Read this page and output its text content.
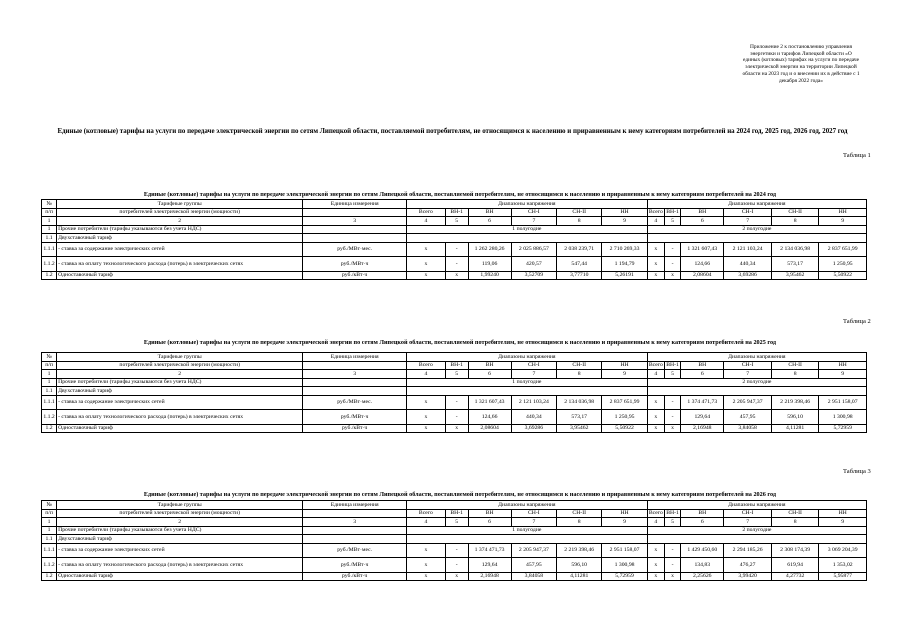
Приложение 2 к постановлению управления энергетики и тарифов Липецкой области «О единых (котловых) тарифах на услуги по передаче электрической энергии на территории Липецкой области на 2023 год и о внесении их в действие с 1 декабря 2022 года»
Единые (котловые) тарифы на услуги по передаче электрической энергии по сетям Липецкой области, поставляемой потребителям, не относящимся к населению и приравненным к нему категориям потребителей на 2024 год, 2025 год, 2026 год, 2027 год
Таблица 1
Единые (котловые) тарифы на услуги по передаче электрической энергии по сетям Липецкой области, поставляемой потребителям, не относящимся к населению и приравненным к нему категориям потребителей на 2024 год
№	Тарифные группы	Единица измерения	Диапазоны напряжения						Диапазоны напряжения					
п/п	потребителей электрической энергии (мощности)		Всего	ВН-1	ВН	СН-I	СН-II	НН	Всего	ВН-1	ВН	СН-I	СН-II	НН
1	2	3	4	5	6	7	8	9	4	5	6	7	8	9
1	Прочие потребители (тарифы указываются без учета НДС)		1 полугодие						2 полугодие					
1.1	Двухставочный тариф													
1.1.1	- ставка за содержание электрических сетей	руб./МВт·мес.	х	-	1 262 280,26	2 025 886,57	2 038 239,71	2 710 269,33	х	-	1 321 607,43	2 121 103,24	2 134 036,98	2 837 651,99
1.1.2	- ставка на оплату технологического расхода (потерь) в электрических сетях	руб./МВт·ч	х	-	119,06	420,57	547,44	1 194,79	х	-	124,66	440,34	573,17	1 250,95
1.2	Одноставочный тариф	руб./кВт·ч	х	х	1,99240	3,52709	3,77710	5,26191	х	х	2,08604	3,69286	3,95462	5,50922
Таблица 2
Единые (котловые) тарифы на услуги по передаче электрической энергии по сетям Липецкой области, поставляемой потребителям, не относящимся к населению и приравненным к нему категориям потребителей на 2025 год
№	Тарифные группы	Единица измерения	Диапазоны напряжения						Диапазоны напряжения					
п/п	потребителей электрической энергии (мощности)		Всего	ВН-1	ВН	СН-I	СН-II	НН	Всего	ВН-1	ВН	СН-I	СН-II	НН
1	2	3	4	5	6	7	8	9	4	5	6	7	8	9
1	Прочие потребители (тарифы указываются без учета НДС)		1 полугодие						2 полугодие					
1.1	Двухставочный тариф													
1.1.1	- ставка за содержание электрических сетей	руб./МВт·мес.	х	-	1 321 607,43	2 121 103,24	2 134 036,98	2 837 651,99	х	-	1 374 471,73	2 205 947,37	2 219 398,46	2 951 158,07
1.1.2	- ставка на оплату технологического расхода (потерь) в электрических сетях	руб./МВт·ч	х	-	124,66	440,34	573,17	1 250,95	х	-	129,64	457,95	596,10	1 300,98
1.2	Одноставочный тариф	руб./кВт·ч	х	х	2,08604	3,69286	3,95462	5,50922	х	х	2,16948	3,84058	4,11281	5,72959
Таблица 3
Единые (котловые) тарифы на услуги по передаче электрической энергии по сетям Липецкой области, поставляемой потребителям, не относящимся к населению и приравненным к нему категориям потребителей на 2026 год
№	Тарифные группы	Единица измерения	Диапазоны напряжения						Диапазоны напряжения					
п/п	потребителей электрической энергии (мощности)		Всего	ВН-1	ВН	СН-I	СН-II	НН	Всего	ВН-1	ВН	СН-I	СН-II	НН
1	2	3	4	5	6	7	8	9	4	5	6	7	8	9
1	Прочие потребители (тарифы указываются без учета НДС)		1 полугодие						2 полугодие					
1.1	Двухставочный тариф													
1.1.1	- ставка за содержание электрических сетей	руб./МВт·мес.	х	-	1 374 471,73	2 205 947,37	2 219 398,46	2 951 158,07	х	-	1 429 450,60	2 294 185,26	2 308 174,39	3 069 204,39
1.1.2	- ставка на оплату технологического расхода (потерь) в электрических сетях	руб./МВт·ч	х	-	129,64	457,95	596,10	1 300,98	х	-	134,83	476,27	619,94	1 353,02
1.2	Одноставочный тариф	руб./кВт·ч	х	х	2,16948	3,84058	4,11281	5,72959	х	х	2,25626	3,99420	4,27732	5,95877
